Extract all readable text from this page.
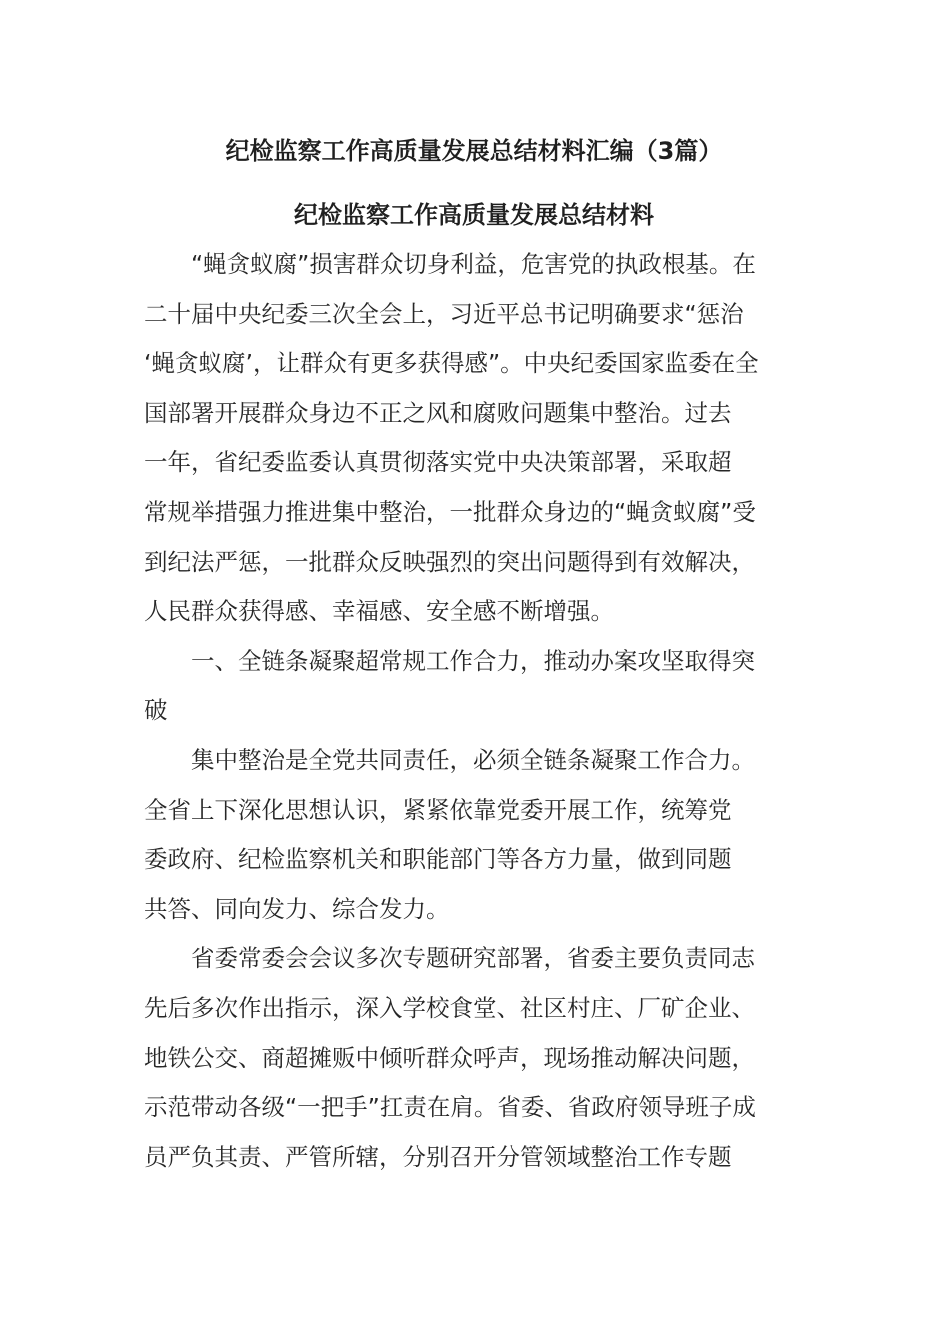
纪检监察工作高质量发展总结材料汇编（3篇）
纪检监察工作高质量发展总结材料

“蝇贪蚁腐”损害群众切身利益，危害党的执政根基。在
二十届中央纪委三次全会上，习近平总书记明确要求“惩治
‘蝇贪蚁腐’，让群众有更多获得感”。中央纪委国家监委在全
国部署开展群众身边不正之风和腐败问题集中整治。过去
一年，省纪委监委认真贯彻落实党中央决策部署，采取超
常规举措强力推进集中整治，一批群众身边的“蝇贪蚁腐”受
到纪法严惩，一批群众反映强烈的突出问题得到有效解决，
人民群众获得感、幸福感、安全感不断增强。

一、全链条凝聚超常规工作合力，推动办案攻坚取得突
破

集中整治是全党共同责任，必须全链条凝聚工作合力。
全省上下深化思想认识，紧紧依靠党委开展工作，统筹党
委政府、纪检监察机关和职能部门等各方力量，做到同题
共答、同向发力、综合发力。

省委常委会会议多次专题研究部署，省委主要负责同志
先后多次作出指示，深入学校食堂、社区村庄、厂矿企业、
地铁公交、商超摊贩中倾听群众呼声，现场推动解决问题，
示范带动各级“一把手”扛责在肩。省委、省政府领导班子成
员严负其责、严管所辖，分别召开分管领域整治工作专题
